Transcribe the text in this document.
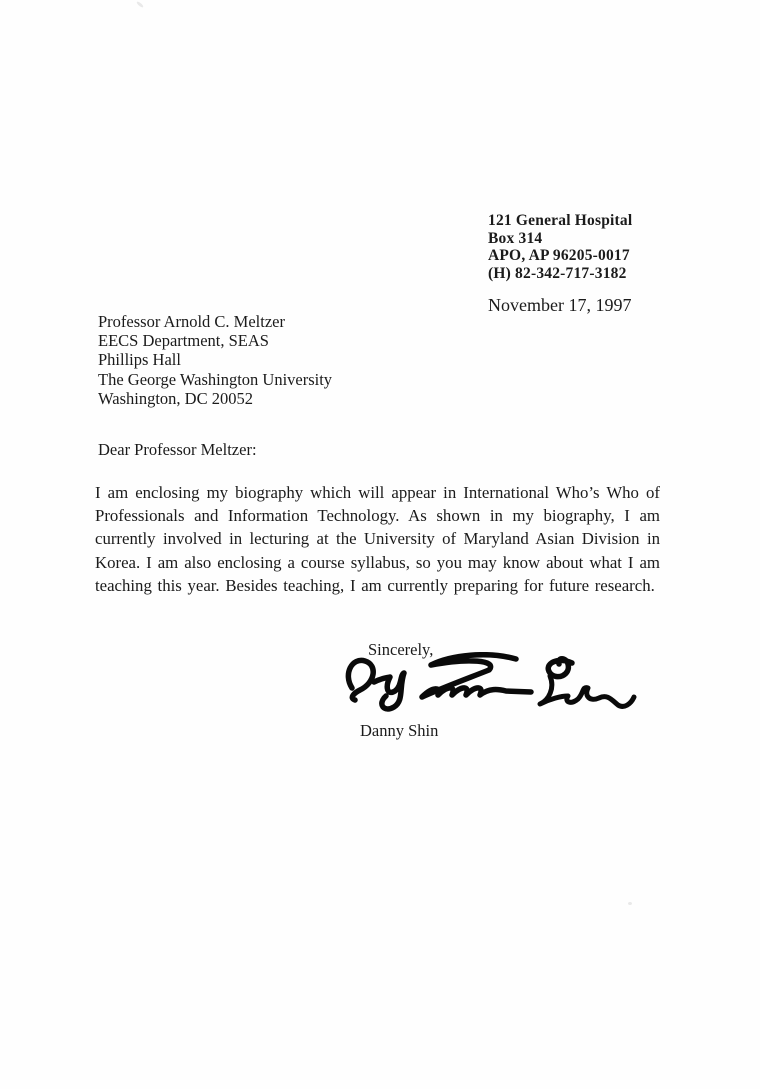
121 General Hospital
Box 314
APO, AP 96205-0017
(H) 82-342-717-3182
November 17, 1997
Professor Arnold C. Meltzer
EECS Department, SEAS
Phillips Hall
The George Washington University
Washington, DC 20052
Dear Professor Meltzer:

I am enclosing my biography which will appear in International Who’s Who of Professionals and Information Technology. As shown in my biography, I am currently involved in lecturing at the University of Maryland Asian Division in Korea. I am also enclosing a course syllabus, so you may know about what I am teaching this year. Besides teaching, I am currently preparing for future research.

Sincerely,
Danny Shin
